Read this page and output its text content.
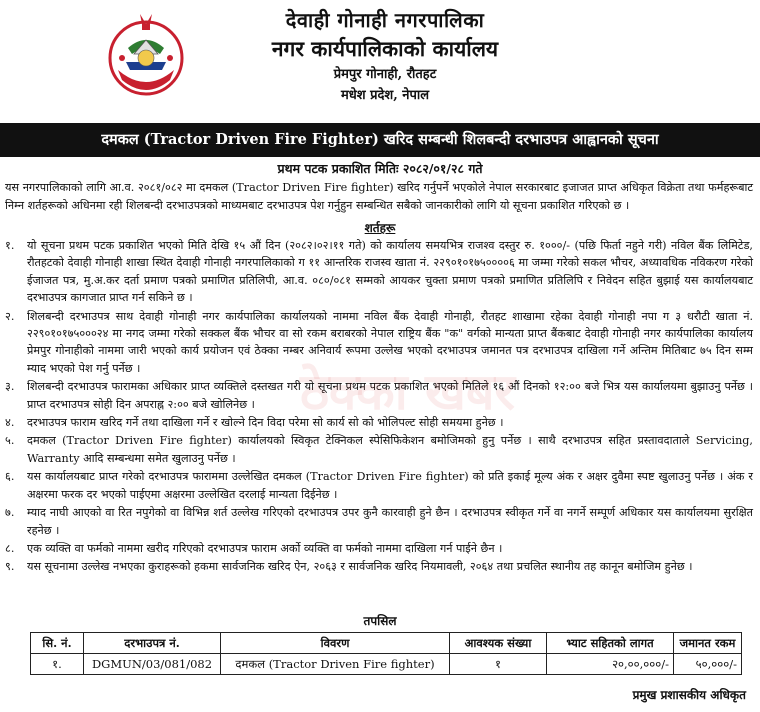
देवाही गोनाही नगरपालिका
नगर कार्यपालिकाको कार्यालय
प्रेमपुर गोनाही, रौतहट
मधेश प्रदेश, नेपाल
दमकल (Tractor Driven Fire Fighter) खरिद सम्बन्धी शिलबन्दी दरभाउपत्र आह्वानको सूचना
प्रथम पटक प्रकाशित मितिः २०८२/०१/२८ गते
यस नगरपालिकाको लागि आ.व. २०८१/०८२ मा दमकल (Tractor Driven Fire fighter) खरिद गर्नुपर्ने भएकोले नेपाल सरकारबाट इजाजत प्राप्त अधिकृत विक्रेता तथा फर्महरूबाट निम्न शर्तहरूको अधिनमा रही शिलबन्दी दरभाउपत्रको माध्यमबाट दरभाउपत्र पेश गर्नुहुन सम्बन्धित सबैको जानकारीको लागि यो सूचना प्रकाशित गरिएको छ ।
शर्तहरू
१.	यो सूचना प्रथम पटक प्रकाशित भएको मिति देखि १५ औं दिन (२०८२।०२।११ गते) को कार्यालय समयभित्र राजश्व दस्तुर रु. १०००/- (पछि फिर्ता नहुने गरी) नविल बैंक लिमिटेड, रौतहटको देवाही गोनाही शाखा स्थित देवाही गोनाही नगरपालिकाको ग ११ आन्तरिक राजस्व खाता नं. २२९०१०१७५००००६ मा जम्मा गरेको सकल भौचर, अध्यावधिक नविकरण गरेको ईजाजत पत्र, मु.अ.कर दर्ता प्रमाण पत्रको प्रमाणित प्रतिलिपी, आ.व. ०८०/०८१ सम्मको आयकर चुक्ता प्रमाण पत्रको प्रमाणित प्रतिलिपि र निवेदन सहित बुझाई यस कार्यालयबाट दरभाउपत्र कागजात प्राप्त गर्न सकिने छ ।
२.	शिलबन्दी दरभाउपत्र साथ देवाही गोनाही नगर कार्यपालिका कार्यालयको नाममा नविल बैंक देवाही गोनाही, रौतहट शाखामा रहेका देवाही गोनाही नपा ग ३ धरौटी खाता नं. २२९०१०१७५०००२४ मा नगद जम्मा गरेको सक्कल बैंक भौचर वा सो रकम बराबरको नेपाल राष्ट्रिय बैंक "क" वर्गको मान्यता प्राप्त बैंकबाट देवाही गोनाही नगर कार्यपालिका कार्यालय प्रेमपुर गोनाहीको नाममा जारी भएको कार्य प्रयोजन एवं ठेक्का नम्बर अनिवार्य रूपमा उल्लेख भएको दरभाउपत्र जमानत पत्र दरभाउपत्र दाखिला गर्ने अन्तिम मितिबाट ७५ दिन सम्म म्याद भएको पेश गर्नु पर्नेछ ।
३.	शिलबन्दी दरभाउपत्र फारामका अधिकार प्राप्त व्यक्तिले दस्तखत गरी यो सूचना प्रथम पटक प्रकाशित भएको मितिले १६ औं दिनको १२:०० बजे भित्र यस कार्यालयमा बुझाउनु पर्नेछ । प्राप्त दरभाउपत्र सोही दिन अपराह्न २:०० बजे खोलिनेछ ।
४.	दरभाउपत्र फाराम खरिद गर्ने तथा दाखिला गर्ने र खोल्ने दिन विदा परेमा सो कार्य सो को भोलिपल्ट सोही समयमा हुनेछ ।
५.	दमकल (Tractor Driven Fire fighter) कार्यालयको स्विकृत टेक्निकल स्पेसिफिकेशन बमोजिमको हुनु पर्नेछ । साथै दरभाउपत्र सहित प्रस्तावदाताले Servicing, Warranty आदि सम्बन्धमा समेत खुलाउनु पर्नेछ ।
६.	यस कार्यालयबाट प्राप्त गरेको दरभाउपत्र फाराममा उल्लेखित दमकल (Tractor Driven Fire fighter) को प्रति इकाई मूल्य अंक र अक्षर दुवैमा स्पष्ट खुलाउनु पर्नेछ । अंक र अक्षरमा फरक दर भएको पाईएमा अक्षरमा उल्लेखित दरलाई मान्यता दिईनेछ ।
७.	म्याद नाघी आएको वा रित नपुगेको वा विभिन्न शर्त उल्लेख गरिएको दरभाउपत्र उपर कुनै कारवाही हुने छैन । दरभाउपत्र स्वीकृत गर्ने वा नगर्ने सम्पूर्ण अधिकार यस कार्यालयमा सुरक्षित रहनेछ ।
८.	एक व्यक्ति वा फर्मको नाममा खरीद गरिएको दरभाउपत्र फाराम अर्को व्यक्ति वा फर्मको नाममा दाखिला गर्न पाईने छैन ।
९.	यस सूचनामा उल्लेख नभएका कुराहरूको हकमा सार्वजनिक खरिद ऐन, २०६३ र सार्वजनिक खरिद नियमावली, २०६४ तथा प्रचलित स्थानीय तह कानून बमोजिम हुनेछ ।
ठेक्का खबर
तपसिल
सि. नं.	दरभाउपत्र नं.	विवरण	आवश्यक संख्या	भ्याट सहितको लागत	जमानत रकम
१.	DGMUN/03/081/082	दमकल (Tractor Driven Fire fighter)	१	२०,००,०००/-	५०,०००/-
प्रमुख प्रशासकीय अधिकृत
